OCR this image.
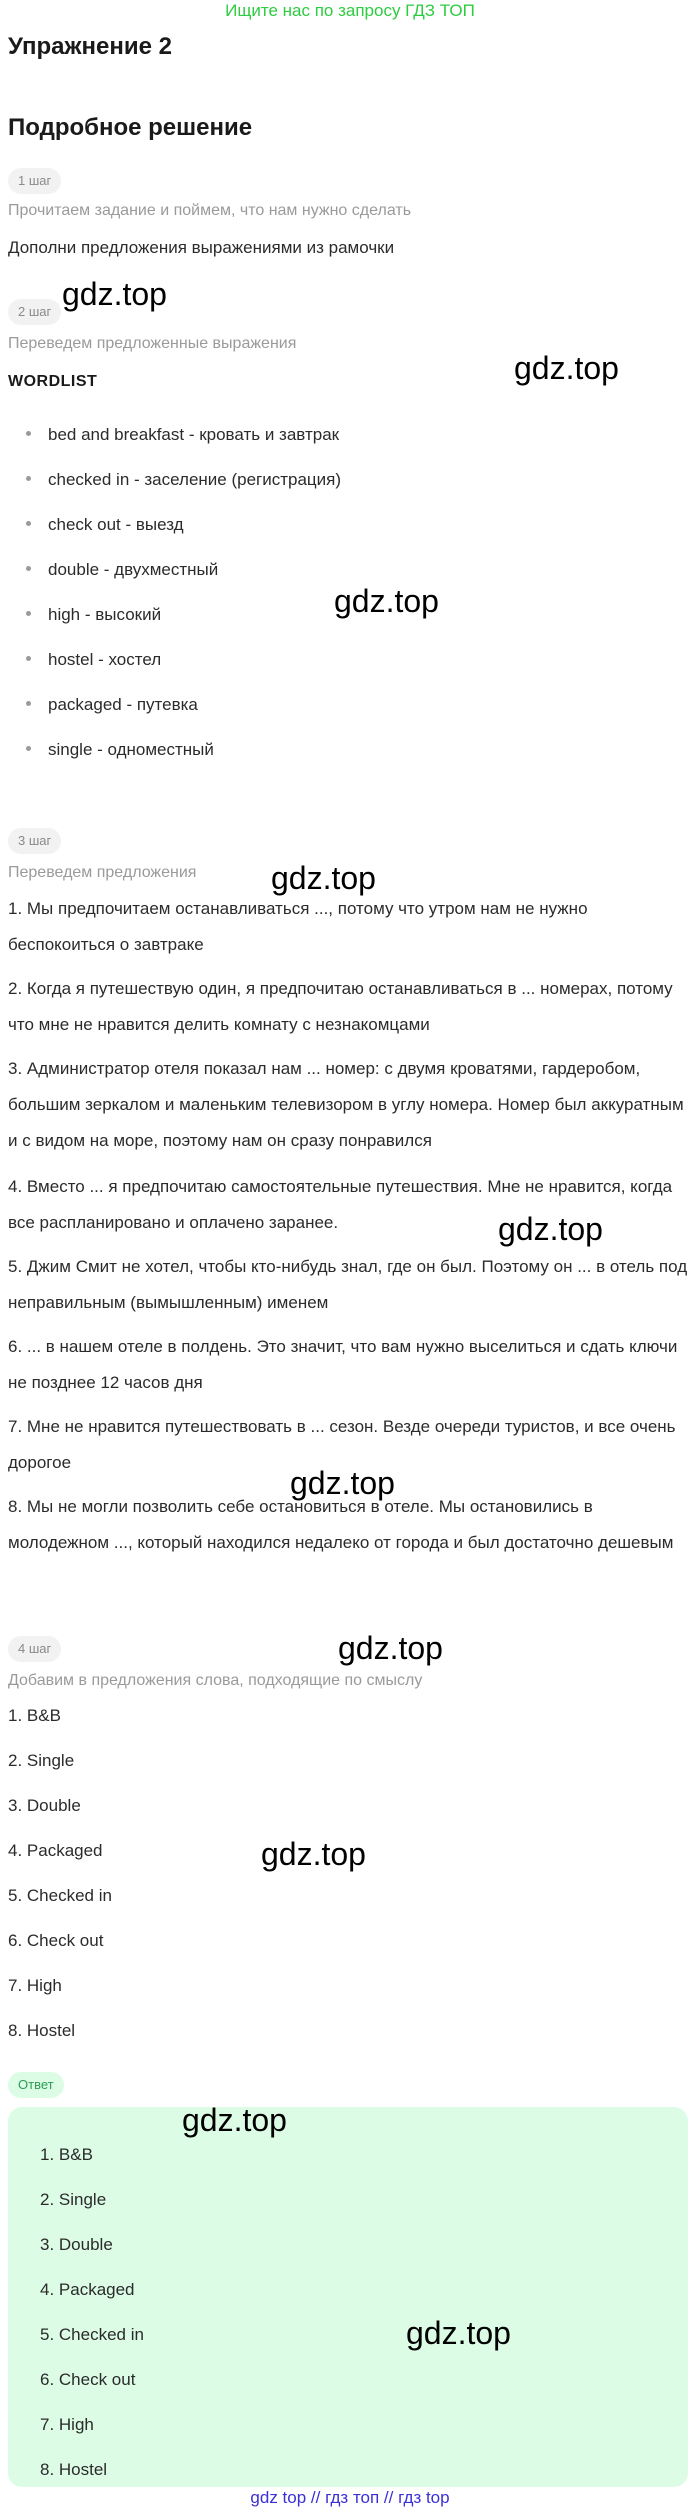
Ищите нас по запросу ГДЗ ТОП
Упражнение 2
Подробное решение
1 шаг
Прочитаем задание и поймем, что нам нужно сделать
Дополни предложения выражениями из рамочки
2 шаг
Переведем предложенные выражения
WORDLIST
bed and breakfast - кровать и завтрак
checked in - заселение (регистрация)
check out - выезд
double - двухместный
high - высокий
hostel - хостел
packaged - путевка
single - одноместный
3 шаг
Переведем предложения
1. Мы предпочитаем останавливаться ..., потому что утром нам не нужно беспокоиться о завтраке
2. Когда я путешествую один, я предпочитаю останавливаться в ... номерах, потому что мне не нравится делить комнату с незнакомцами
3. Администратор отеля показал нам ... номер: с двумя кроватями, гардеробом, большим зеркалом и маленьким телевизором в углу номера. Номер был аккуратным и с видом на море, поэтому нам он сразу понравился
4. Вместо ... я предпочитаю самостоятельные путешествия. Мне не нравится, когда все распланировано и оплачено заранее.
5. Джим Смит не хотел, чтобы кто-нибудь знал, где он был. Поэтому он ... в отель под неправильным (вымышленным) именем
6. ... в нашем отеле в полдень. Это значит, что вам нужно выселиться и сдать ключи не позднее 12 часов дня
7. Мне не нравится путешествовать в ... сезон. Везде очереди туристов, и все очень дорогое
8. Мы не могли позволить себе остановиться в отеле. Мы остановились в молодежном ..., который находился недалеко от города и был достаточно дешевым
4 шаг
Добавим в предложения слова, подходящие по смыслу
1. B&B
2. Single
3. Double
4. Packaged
5. Checked in
6. Check out
7. High
8. Hostel
Ответ
1. B&B
2. Single
3. Double
4. Packaged
5. Checked in
6. Check out
7. High
8. Hostel
gdz.top
gdz.top
gdz.top
gdz.top
gdz.top
gdz.top
gdz.top
gdz.top
gdz.top
gdz.top
gdz top // гдз топ // гдз top
